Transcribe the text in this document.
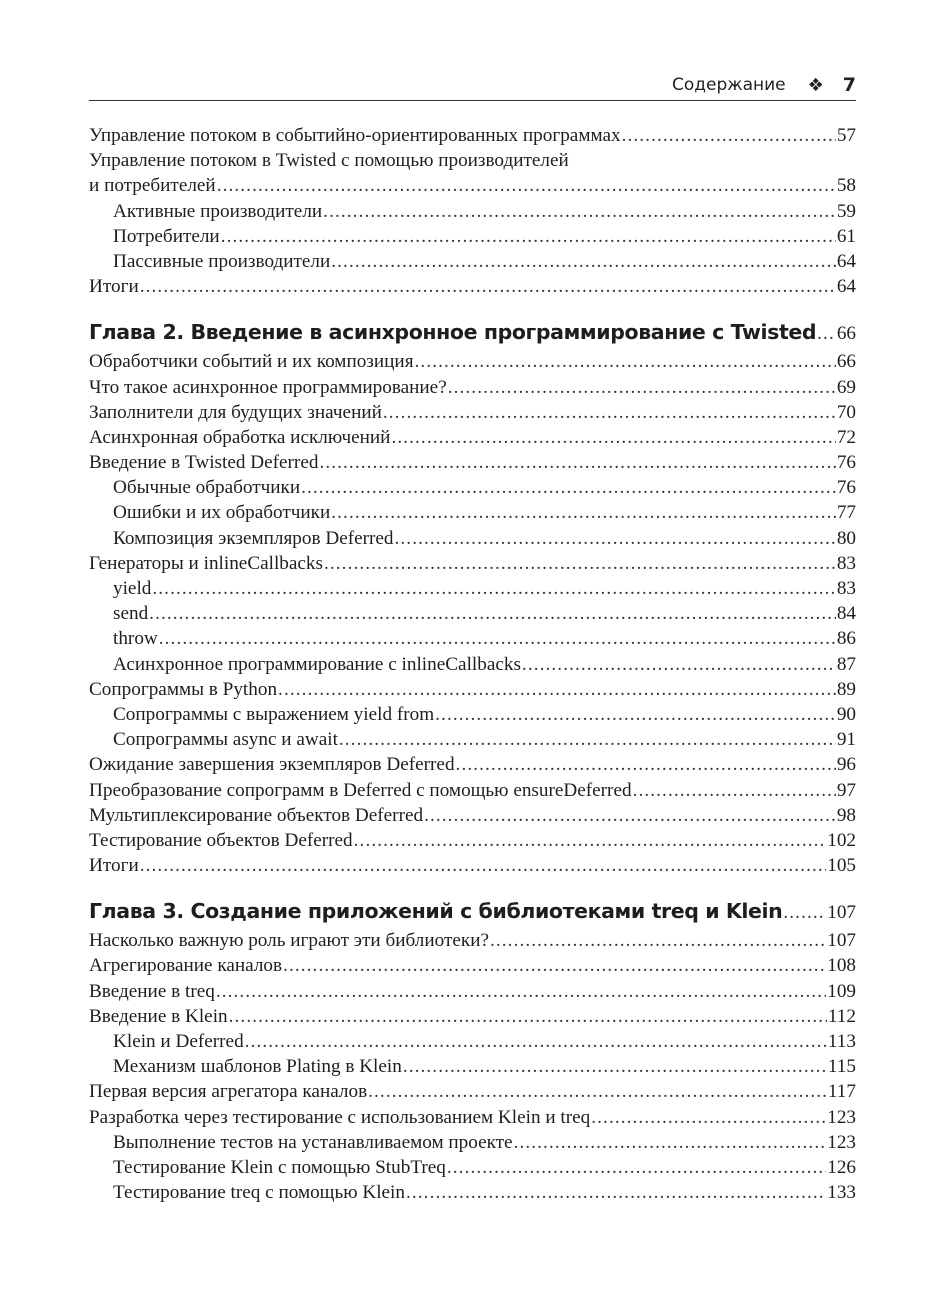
Содержание ❖ 7
Управление потоком в событийно-ориентированных программах .....	57
Управление потоком в Twisted с помощью производителей
и потребителей .....	58
Активные производители .....	59
Потребители .....	61
Пассивные производители .....	64
Итоги .....	64
Глава 2. Введение в асинхронное программирование с Twisted ..... 66
Обработчики событий и их композиция .....	66
Что такое асинхронное программирование? .....	69
Заполнители для будущих значений .....	70
Асинхронная обработка исключений .....	72
Введение в Twisted Deferred .....	76
Обычные обработчики .....	76
Ошибки и их обработчики .....	77
Композиция экземпляров Deferred .....	80
Генераторы и inlineCallbacks .....	83
yield .....	83
send .....	84
throw .....	86
Асинхронное программирование с inlineCallbacks .....	87
Сопрограммы в Python .....	89
Сопрограммы с выражением yield from .....	90
Сопрограммы async и await .....	91
Ожидание завершения экземпляров Deferred .....	96
Преобразование сопрограмм в Deferred с помощью ensureDeferred .....	97
Мультиплексирование объектов Deferred .....	98
Тестирование объектов Deferred .....	102
Итоги .....	105
Глава 3. Создание приложений с библиотеками treq и Klein ..... 107
Насколько важную роль играют эти библиотеки? .....	107
Агрегирование каналов .....	108
Введение в treq .....	109
Введение в Klein .....	112
Klein и Deferred .....	113
Механизм шаблонов Plating в Klein .....	115
Первая версия агрегатора каналов .....	117
Разработка через тестирование с использованием Klein и treq .....	123
Выполнение тестов на устанавливаемом проекте .....	123
Тестирование Klein с помощью StubTreq .....	126
Тестирование treq с помощью Klein .....	133
